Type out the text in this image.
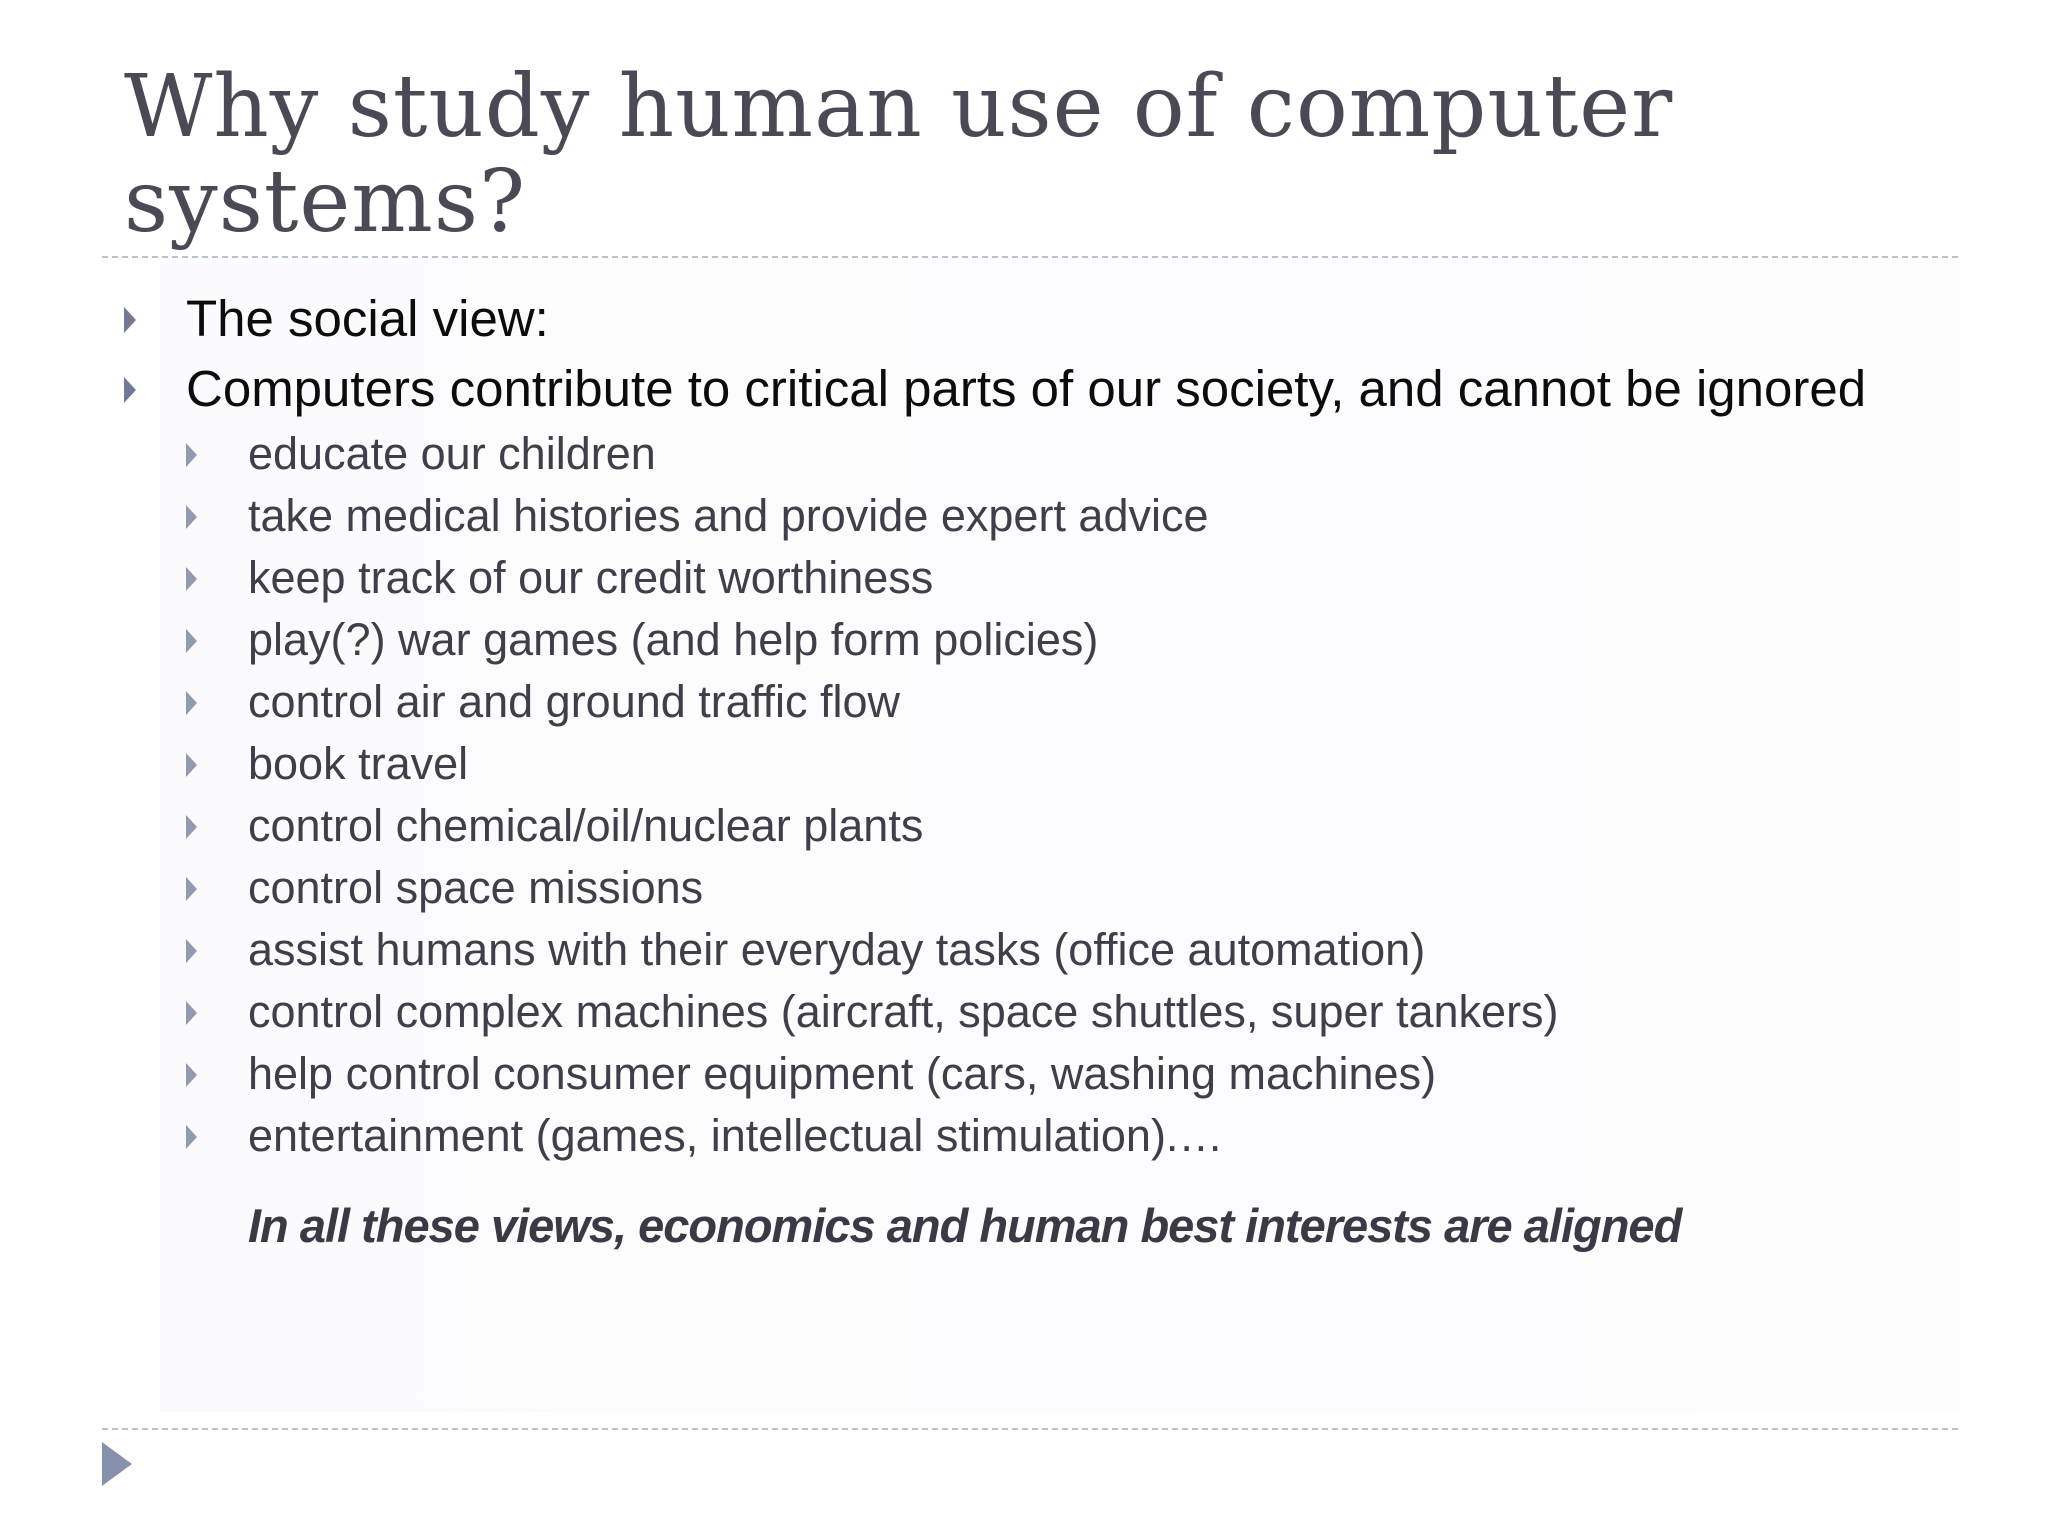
Why study human use of computer systems?
The social view:
Computers contribute to critical parts of our society, and cannot be ignored
educate our children
take medical histories and provide expert advice
keep track of our credit worthiness
play(?) war games (and help form policies)
control air and ground traffic flow
book travel
control chemical/oil/nuclear plants
control space missions
assist humans with their everyday tasks (office automation)
control complex machines (aircraft, space shuttles, super tankers)
help control consumer equipment (cars, washing machines)
entertainment (games, intellectual stimulation).…
In all these views, economics and human best interests are aligned
